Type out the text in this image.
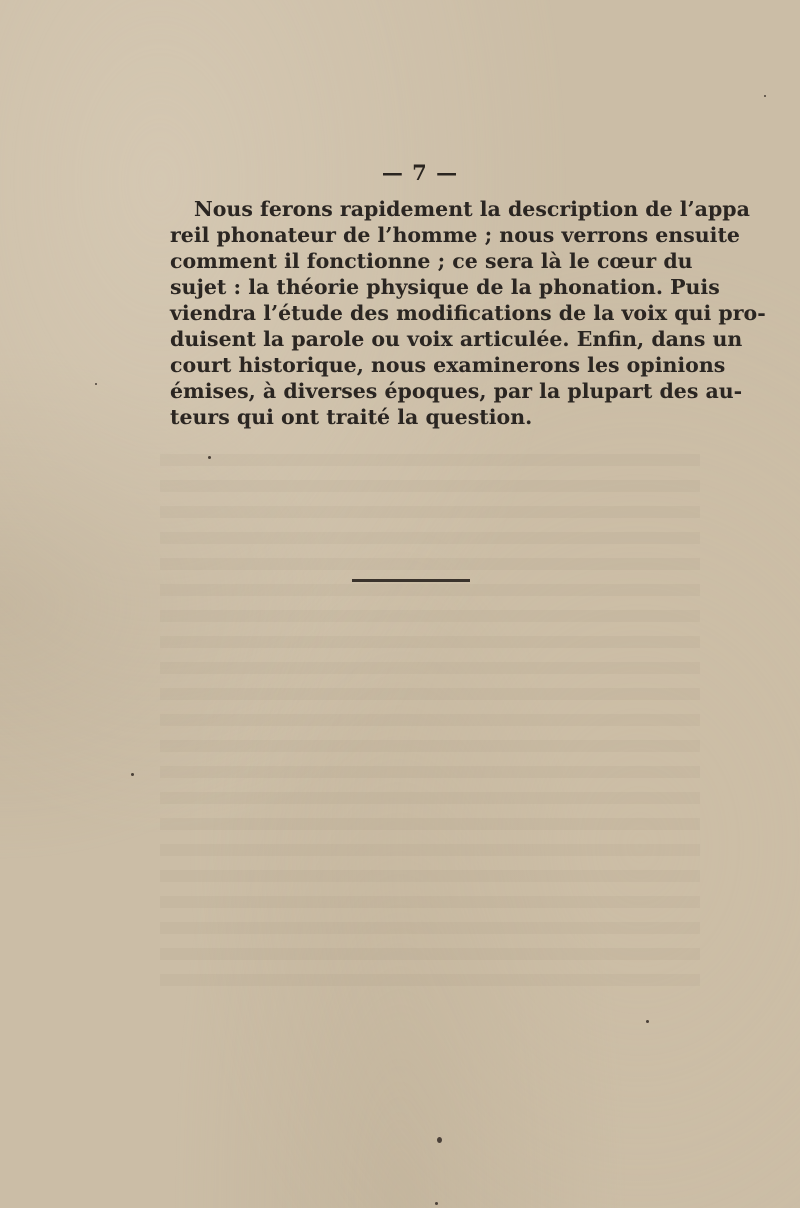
— 7 —
Nous ferons rapidement la description de l’appa
reil phonateur de l’homme ; nous verrons ensuite
comment il fonctionne ; ce sera là le cœur du
sujet : la théorie physique de la phonation. Puis
viendra l’étude des modifications de la voix qui pro-
duisent la parole ou voix articulée. Enfin, dans un
court historique, nous examinerons les opinions
émises, à diverses époques, par la plupart des au-
teurs qui ont traité la question.
